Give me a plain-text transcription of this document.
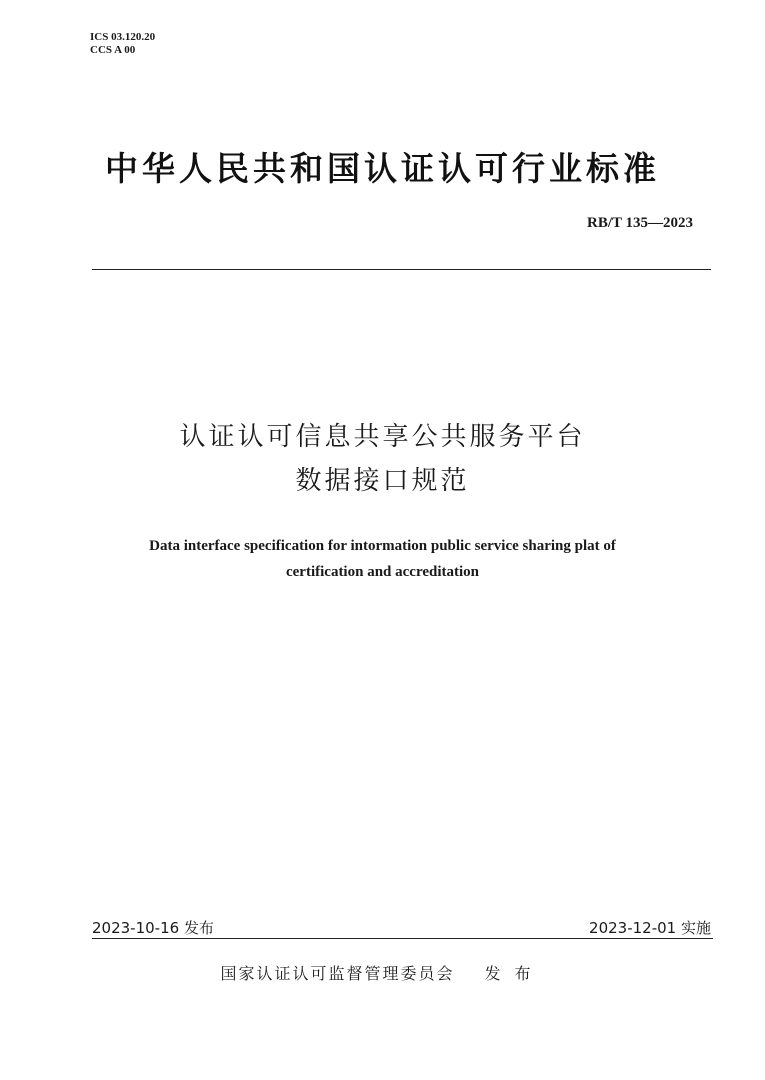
ICS 03.120.20
CCS A 00
中华人民共和国认证认可行业标准
RB/T 135—2023
认证认可信息共享公共服务平台
数据接口规范
Data interface specification for intormation public service sharing plat of
certification and accreditation
2023-10-16 发布	2023-12-01 实施
国家认证认可监督管理委员会 发布
